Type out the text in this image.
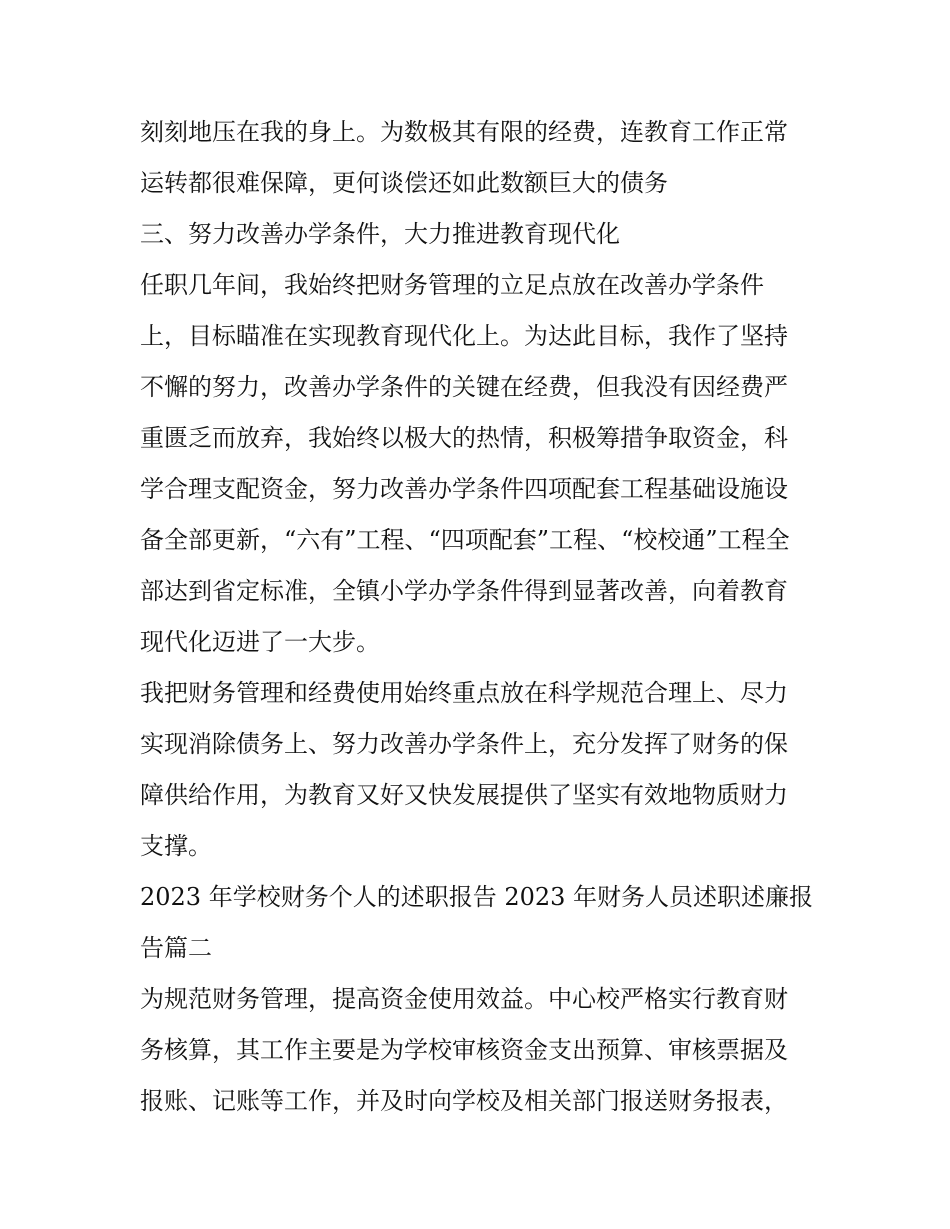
刻刻地压在我的身上。为数极其有限的经费，连教育工作正常
运转都很难保障，更何谈偿还如此数额巨大的债务
三、努力改善办学条件，大力推进教育现代化
任职几年间，我始终把财务管理的立足点放在改善办学条件
上，目标瞄准在实现教育现代化上。为达此目标，我作了坚持
不懈的努力，改善办学条件的关键在经费，但我没有因经费严
重匮乏而放弃，我始终以极大的热情，积极筹措争取资金，科
学合理支配资金，努力改善办学条件四项配套工程基础设施设
备全部更新，“六有”工程、“四项配套”工程、“校校通”工程全
部达到省定标准，全镇小学办学条件得到显著改善，向着教育
现代化迈进了一大步。
我把财务管理和经费使用始终重点放在科学规范合理上、尽力
实现消除债务上、努力改善办学条件上，充分发挥了财务的保
障供给作用，为教育又好又快发展提供了坚实有效地物质财力
支撑。
2023 年学校财务个人的述职报告 2023 年财务人员述职述廉报
告篇二
为规范财务管理，提高资金使用效益。中心校严格实行教育财
务核算，其工作主要是为学校审核资金支出预算、审核票据及
报账、记账等工作，并及时向学校及相关部门报送财务报表，
